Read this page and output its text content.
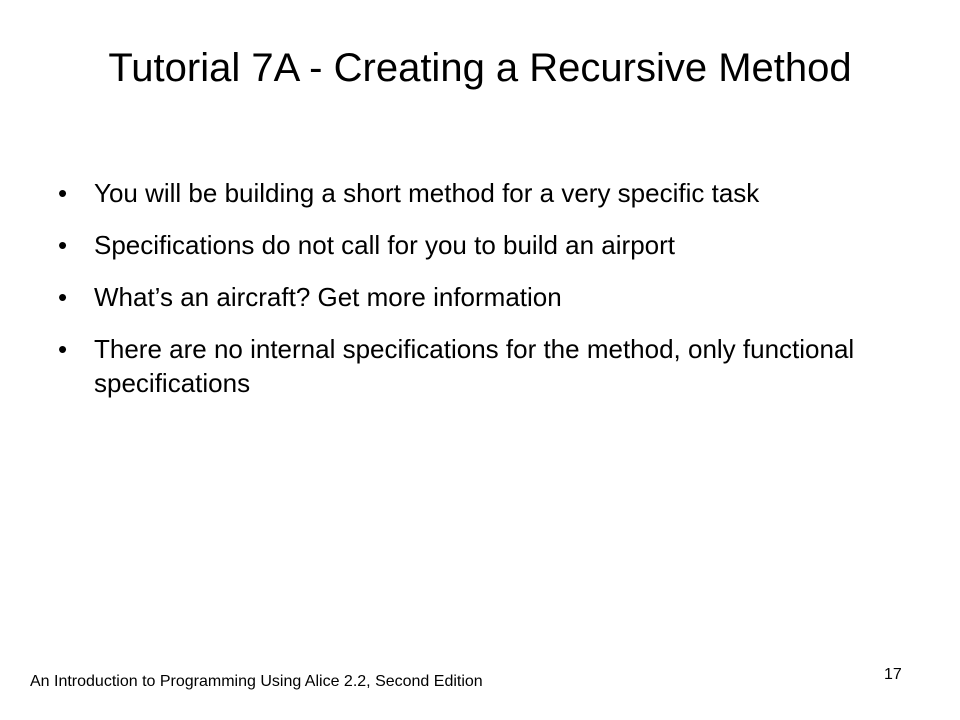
Tutorial 7A - Creating a Recursive Method
• You will be building a short method for a very specific task
• Specifications do not call for you to build an airport
• What’s an aircraft? Get more information
• There are no internal specifications for the method, only functional specifications
An Introduction to Programming Using Alice 2.2, Second Edition	17
